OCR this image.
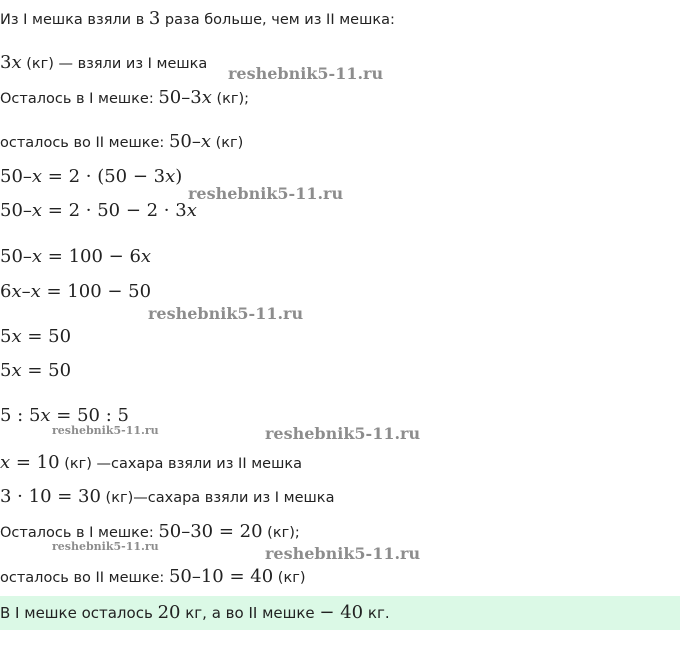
Из I мешка взяли в 3 раза больше, чем из II мешка:
3x (кг) — взяли из I мешка
Осталось в I мешке: 50–3x (кг);
осталось во II мешке: 50–x (кг)
50–x = 2 · (50 − 3x)
50–x = 2 · 50 − 2 · 3x
50–x = 100 − 6x
6x–x = 100 − 50
5x = 50
5x = 50
5 : 5x = 50 : 5
x = 10 (кг) —сахара взяли из II мешка
3 · 10 = 30 (кг)—сахара взяли из I мешка
Осталось в I мешке: 50–30 = 20 (кг);
осталось во II мешке: 50–10 = 40 (кг)
В I мешке осталось 20 кг, а во II мешке − 40 кг.
reshebnik5-11.ru
reshebnik5-11.ru
reshebnik5-11.ru
reshebnik5-11.ru	reshebnik5-11.ru
reshebnik5-11.ru	reshebnik5-11.ru
